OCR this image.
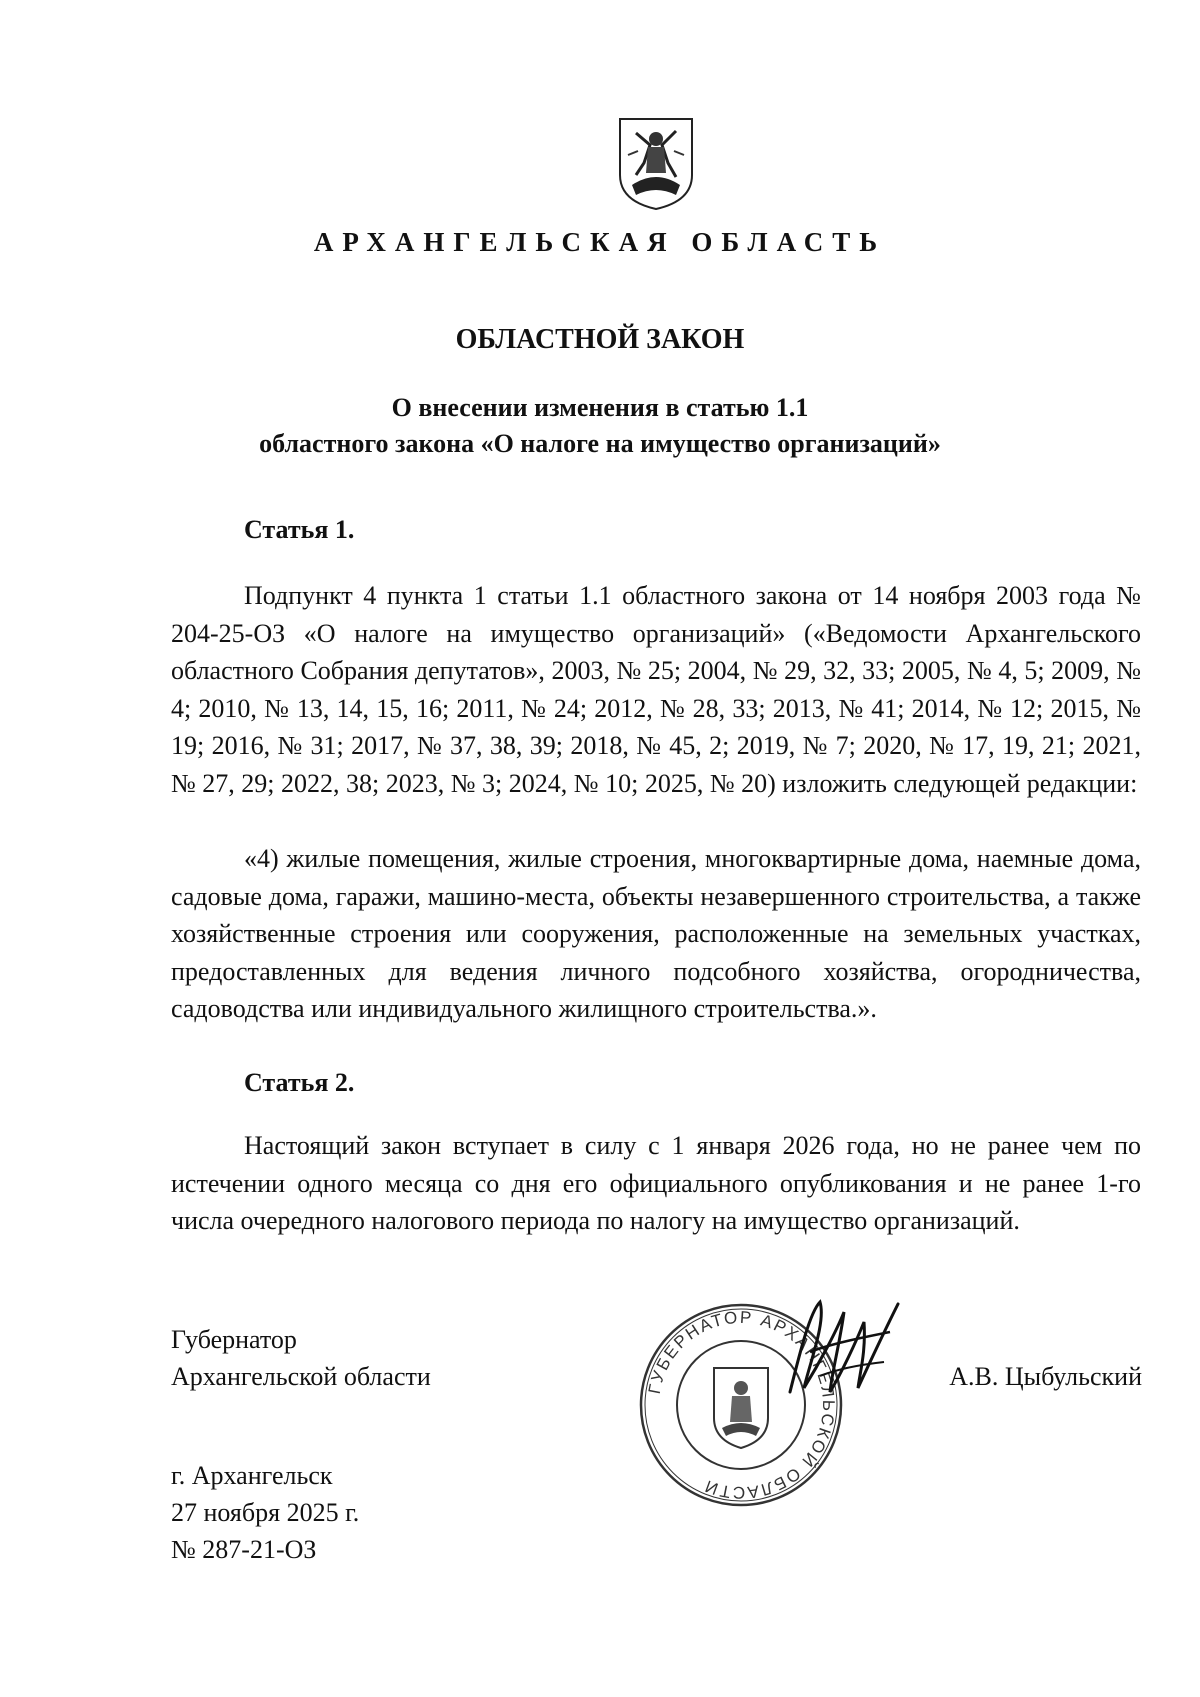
АРХАНГЕЛЬСКАЯ ОБЛАСТЬ
ОБЛАСТНОЙ ЗАКОН
О внесении изменения в статью 1.1
областного закона «О налоге на имущество организаций»
Статья 1.

Подпункт 4 пункта 1 статьи 1.1 областного закона от 14 ноября 2003 года № 204-25-ОЗ «О налоге на имущество организаций» («Ведомости Архангельского областного Собрания депутатов», 2003, № 25; 2004, № 29, 32, 33; 2005, № 4, 5; 2009, № 4; 2010, № 13, 14, 15, 16; 2011, № 24; 2012, № 28, 33; 2013, № 41; 2014, № 12; 2015, № 19; 2016, № 31; 2017, № 37, 38, 39; 2018, № 45, 2; 2019, № 7; 2020, № 17, 19, 21; 2021, № 27, 29; 2022, 38; 2023, № 3; 2024, № 10; 2025, № 20) изложить следующей редакции:

«4) жилые помещения, жилые строения, многоквартирные дома, наемные дома, садовые дома, гаражи, машино-места, объекты незавершенного строительства, а также хозяйственные строения или сооружения, расположенные на земельных участках, предоставленных для ведения личного подсобного хозяйства, огородничества, садоводства или индивидуального жилищного строительства.».

Статья 2.

Настоящий закон вступает в силу с 1 января 2026 года, но не ранее чем по истечении одного месяца со дня его официального опубликования и не ранее 1-го числа очередного налогового периода по налогу на имущество организаций.

Губернатор
Архангельской области	ГУБЕРНАТОР АРХАНГЕЛЬСКОЙ ОБЛАСТИ
А.В. Цыбульский
г. Архангельск
27 ноября 2025 г.
№ 287-21-ОЗ
